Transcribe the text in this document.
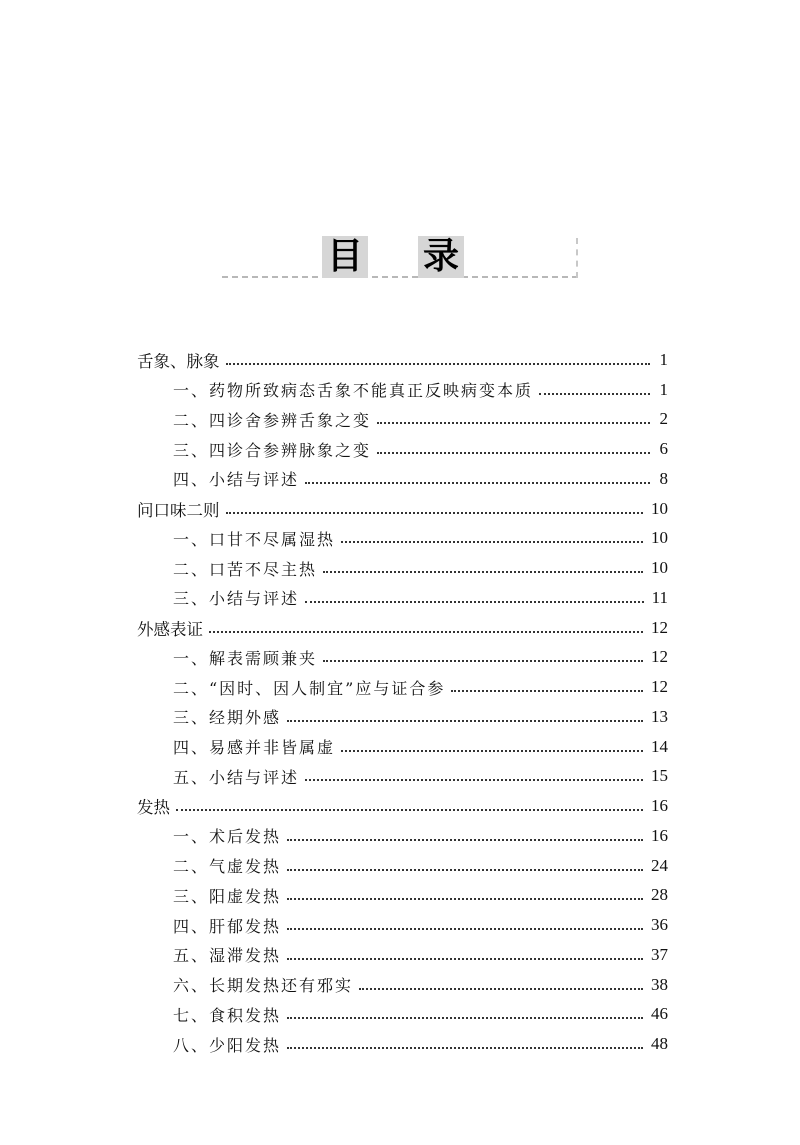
目 录
舌象、脉象	1
一、药物所致病态舌象不能真正反映病变本质	1
二、四诊舍参辨舌象之变	2
三、四诊合参辨脉象之变	6
四、小结与评述	8
问口味二则	10
一、口甘不尽属湿热	10
二、口苦不尽主热	10
三、小结与评述	11
外感表证	12
一、解表需顾兼夹	12
二、“因时、因人制宜”应与证合参	12
三、经期外感	13
四、易感并非皆属虚	14
五、小结与评述	15
发热	16
一、术后发热	16
二、气虚发热	24
三、阳虚发热	28
四、肝郁发热	36
五、湿滞发热	37
六、长期发热还有邪实	38
七、食积发热	46
八、少阳发热	48
